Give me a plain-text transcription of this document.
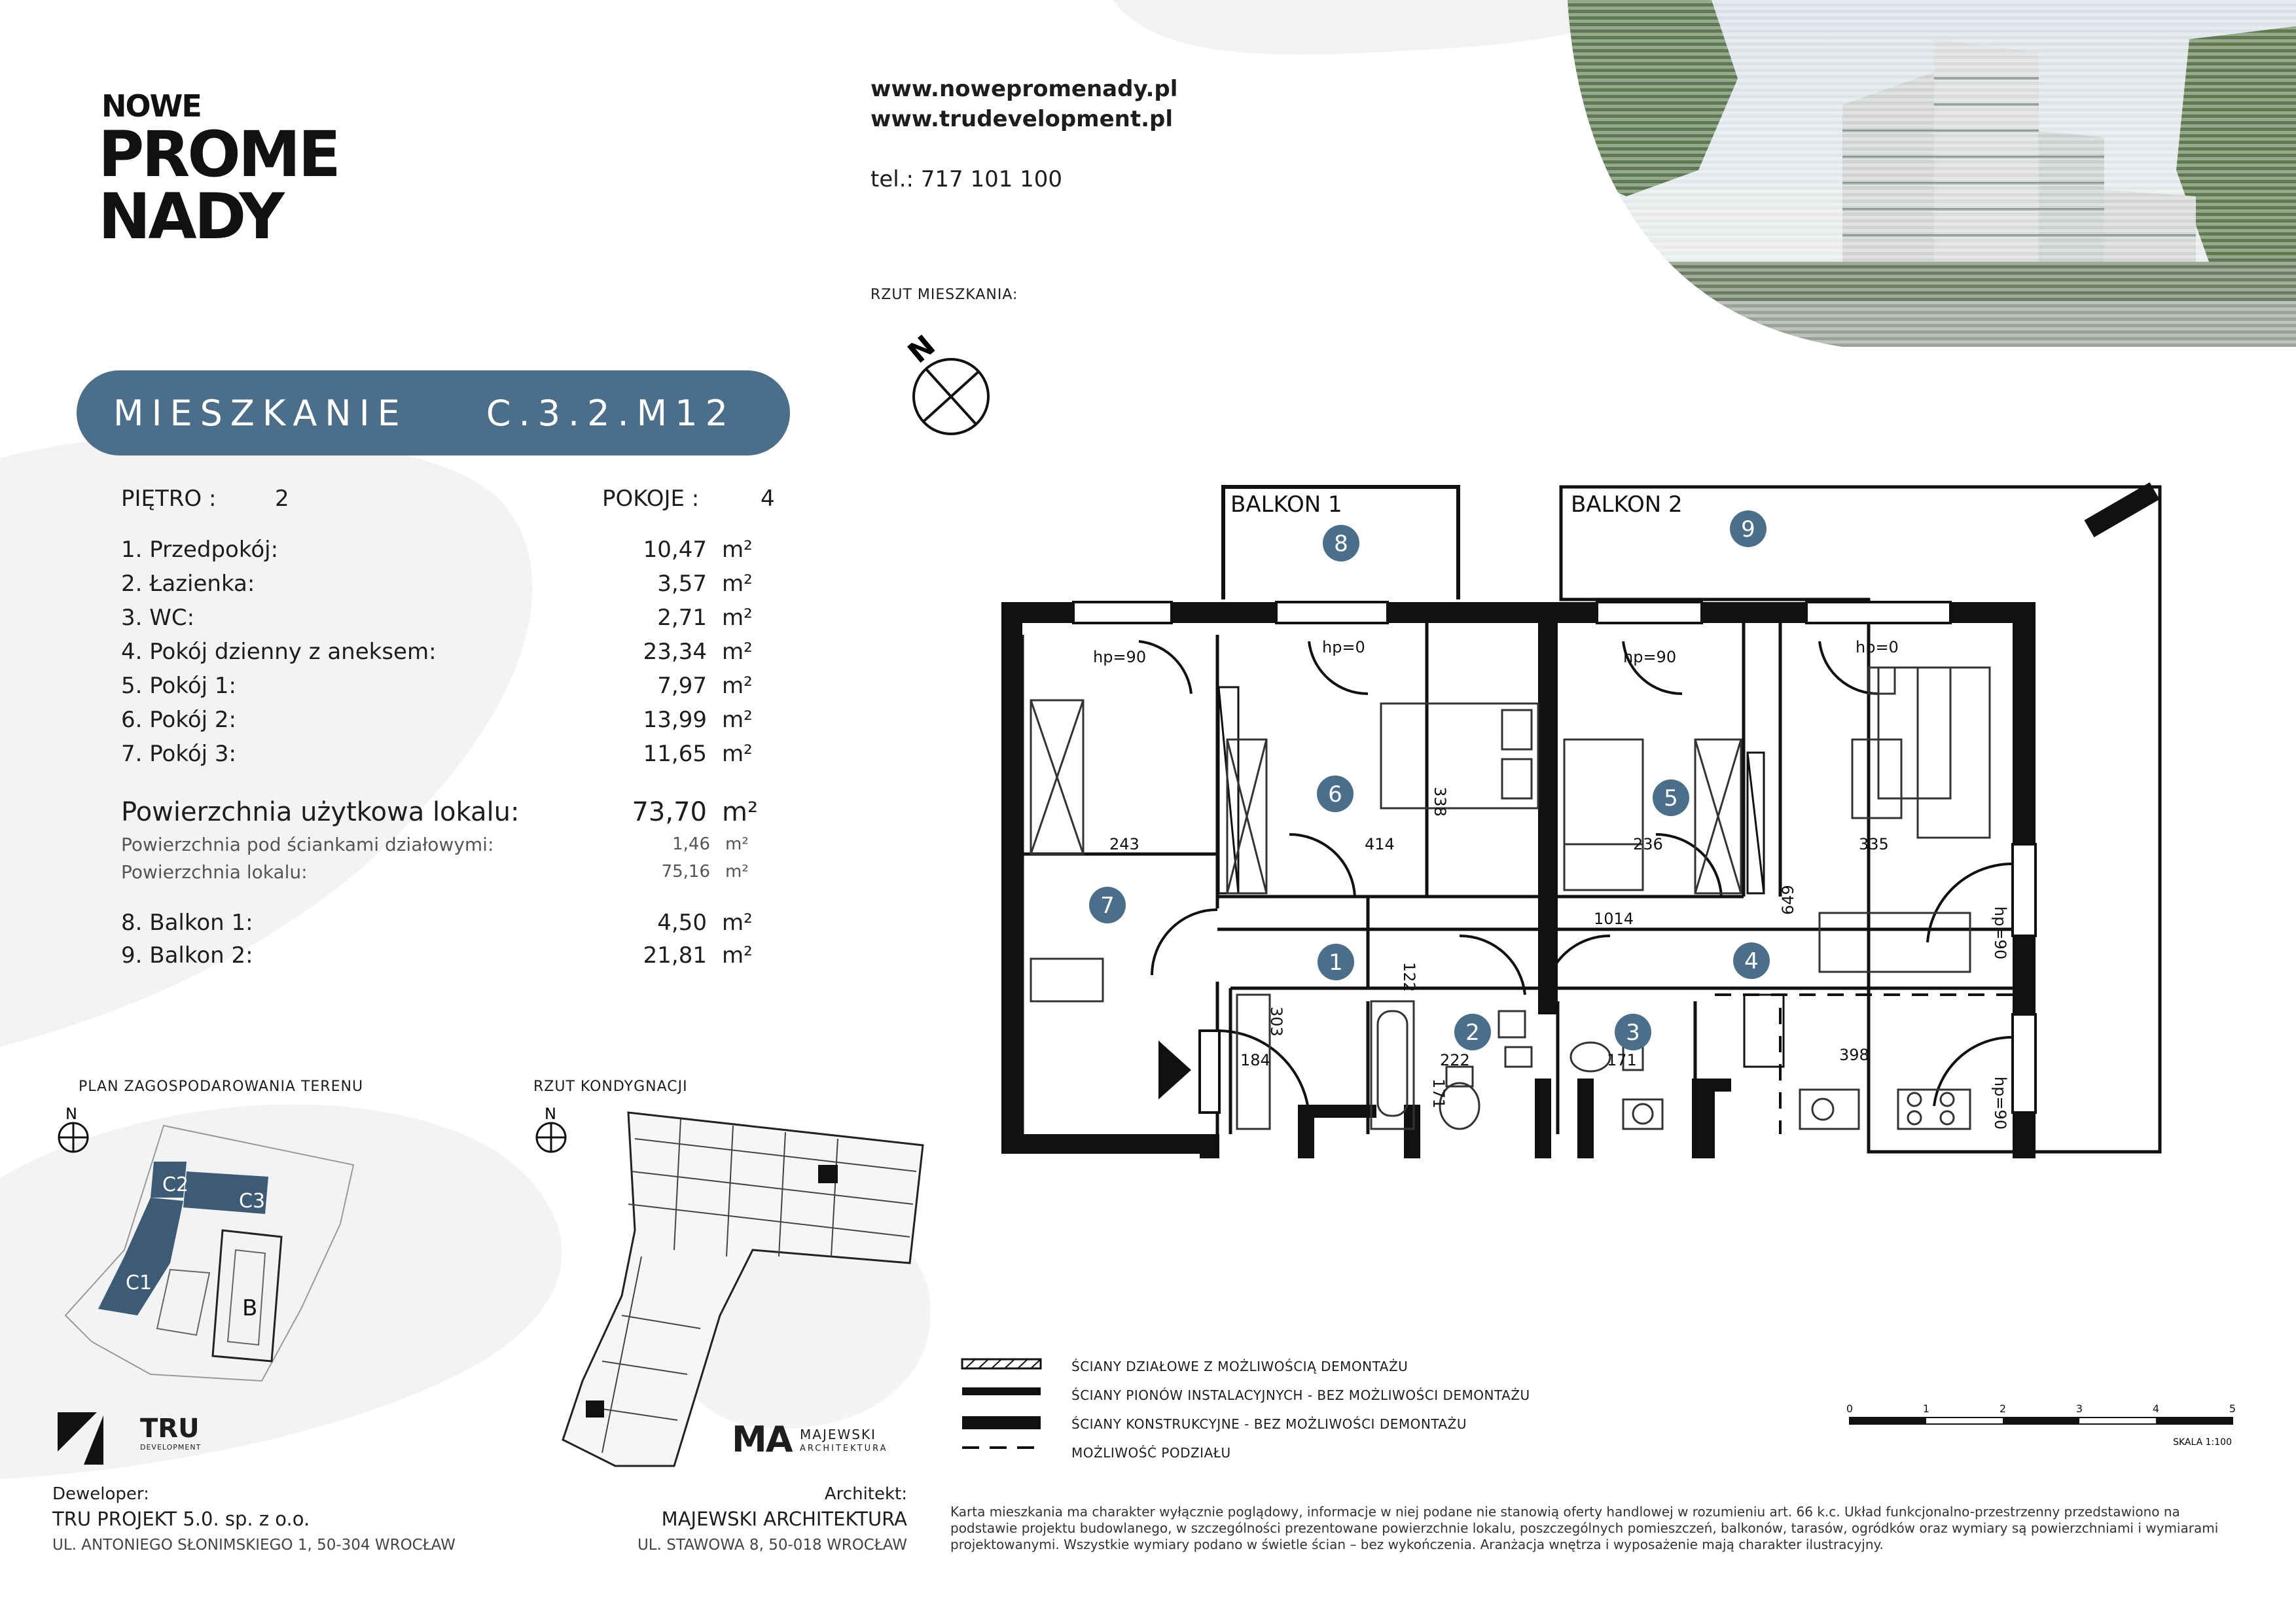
NOWE
PROME
NADY
www.nowepromenady.pl
www.trudevelopment.pl
tel.: 717 101 100
RZUT MIESZKANIA:
N
MIESZKANIE C.3.2.M12
PIĘTRO :	2	POKOJE :	4
1. Przedpokój:	10,47 m²
2. Łazienka:	3,57 m²
3. WC:	2,71 m²
4. Pokój dzienny z aneksem:	23,34 m²
5. Pokój 1:	7,97 m²
6. Pokój 2:	13,99 m²
7. Pokój 3:	11,65 m²
Powierzchnia użytkowa lokalu:	73,70 m²
Powierzchnia pod ściankami działowymi:	1,46 m²
Powierzchnia lokalu:	75,16 m²
8. Balkon 1:	4,50 m²
9. Balkon 2:	21,81 m²
PLAN ZAGOSPODAROWANIA TERENU
N
C2
C3
C1
B
RZUT KONDYGNACJI
N
BALKON 1	BALKON 2
hp=90
hp=0
hp=90
hp=0
hp=90
hp=90
243	414
338
236	335
649
1014
122
303
184	222
171
171	398
1
2	3
4
5
6
7
8
9
ŚCIANY DZIAŁOWE Z MOŻLIWOŚCIĄ DEMONTAŻU
ŚCIANY PIONÓW INSTALACYJNYCH - BEZ MOŻLIWOŚCI DEMONTAŻU
ŚCIANY KONSTRUKCYJNE - BEZ MOŻLIWOŚCI DEMONTAŻU
MOŻLIWOŚĆ PODZIAŁU
0	1	2	3	4	5
SKALA 1:100
TRU
DEVELOPMENT
Deweloper:
TRU PROJEKT 5.0. sp. z o.o.
UL. ANTONIEGO SŁONIMSKIEGO 1, 50-304 WROCŁAW
MA MAJEWSKI
ARCHITEKTURA
Architekt:
MAJEWSKI ARCHITEKTURA
UL. STAWOWA 8, 50-018 WROCŁAW
Karta mieszkania ma charakter wyłącznie poglądowy, informacje w niej podane nie stanowią oferty handlowej w rozumieniu art. 66 k.c. Układ funkcjonalno-przestrzenny przedstawiono na podstawie projektu budowlanego, w szczególności prezentowane powierzchnie lokalu, poszczególnych pomieszczeń, balkonów, tarasów, ogródków oraz wymiary są powierzchniami i wymiarami projektowanymi. Wszystkie wymiary podano w świetle ścian – bez wykończenia. Aranżacja wnętrza i wyposażenie mają charakter ilustracyjny.
